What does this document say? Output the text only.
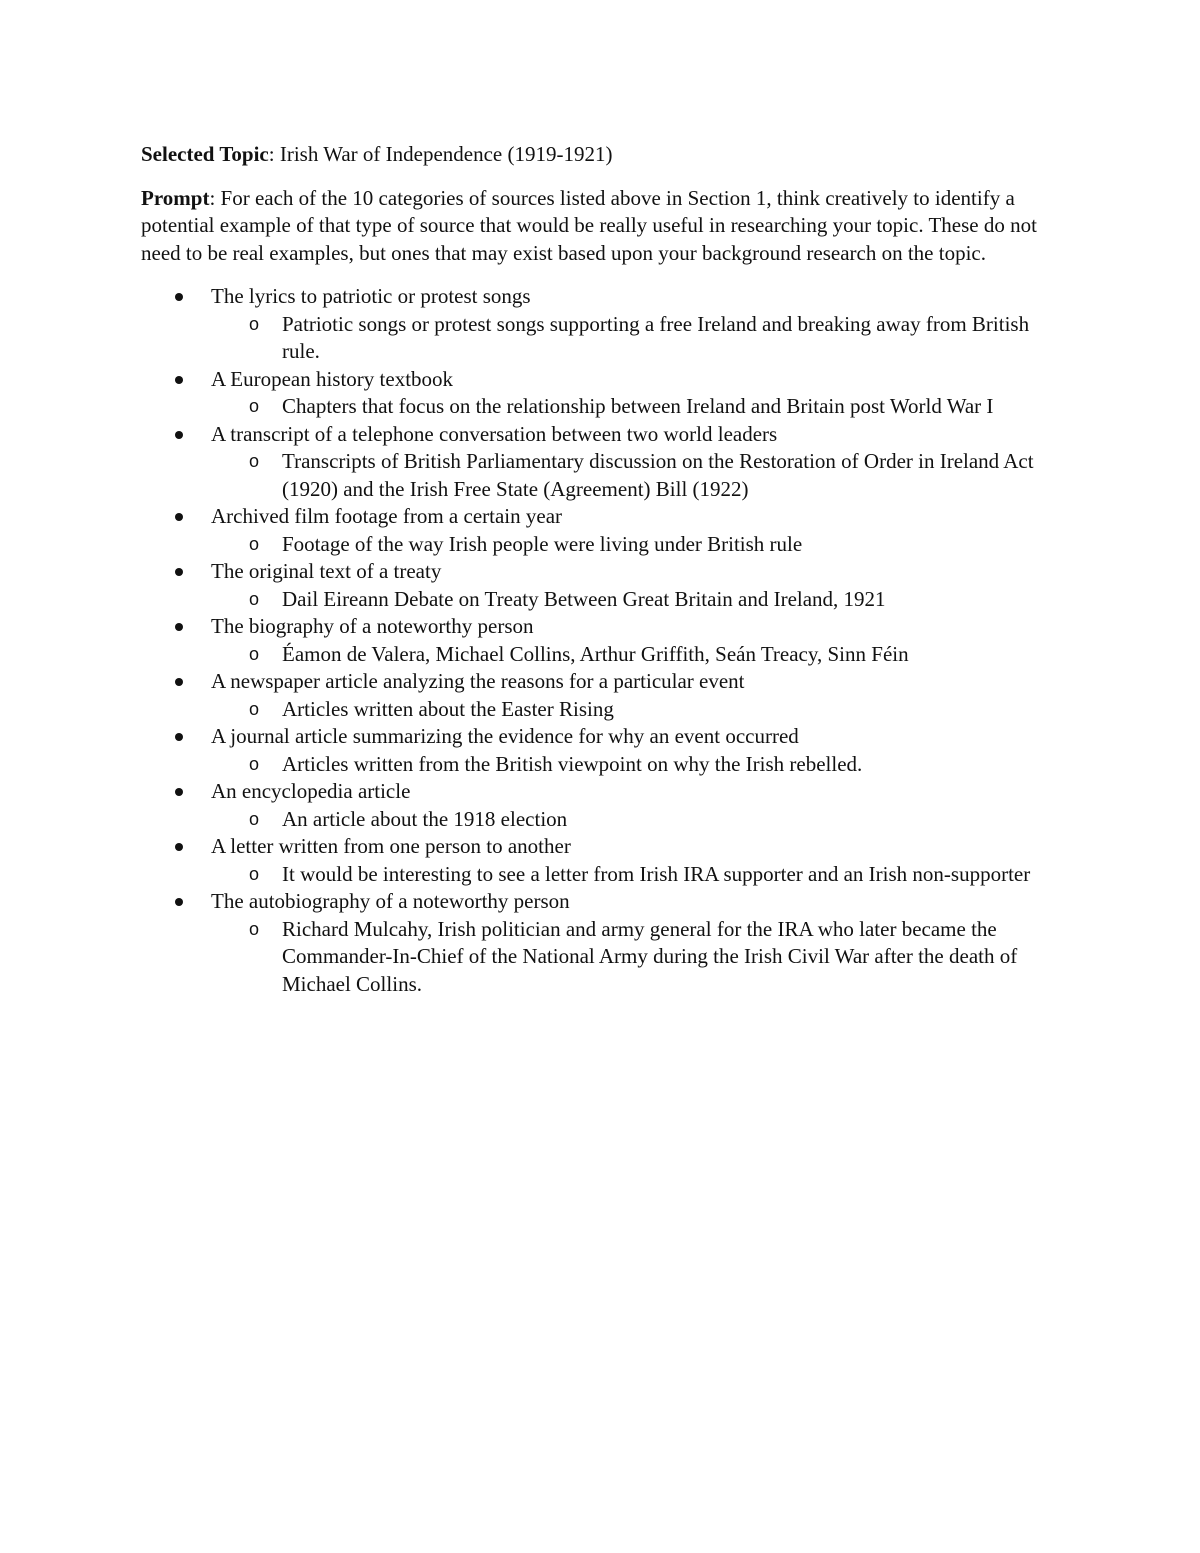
Selected Topic: Irish War of Independence (1919-1921)

Prompt: For each of the 10 categories of sources listed above in Section 1, think creatively to identify a potential example of that type of source that would be really useful in researching your topic. These do not need to be real examples, but ones that may exist based upon your background research on the topic.

The lyrics to patriotic or protest songs
o Patriotic songs or protest songs supporting a free Ireland and breaking away from British rule.
A European history textbook
o Chapters that focus on the relationship between Ireland and Britain post World War I
A transcript of a telephone conversation between two world leaders
o Transcripts of British Parliamentary discussion on the Restoration of Order in Ireland Act (1920) and the Irish Free State (Agreement) Bill (1922)
Archived film footage from a certain year
o Footage of the way Irish people were living under British rule
The original text of a treaty
o Dail Eireann Debate on Treaty Between Great Britain and Ireland, 1921
The biography of a noteworthy person
o Éamon de Valera, Michael Collins, Arthur Griffith, Seán Treacy, Sinn Féin
A newspaper article analyzing the reasons for a particular event
o Articles written about the Easter Rising
A journal article summarizing the evidence for why an event occurred
o Articles written from the British viewpoint on why the Irish rebelled.
An encyclopedia article
o An article about the 1918 election
A letter written from one person to another
o It would be interesting to see a letter from Irish IRA supporter and an Irish non-supporter
The autobiography of a noteworthy person
o Richard Mulcahy, Irish politician and army general for the IRA who later became the Commander-In-Chief of the National Army during the Irish Civil War after the death of Michael Collins.
